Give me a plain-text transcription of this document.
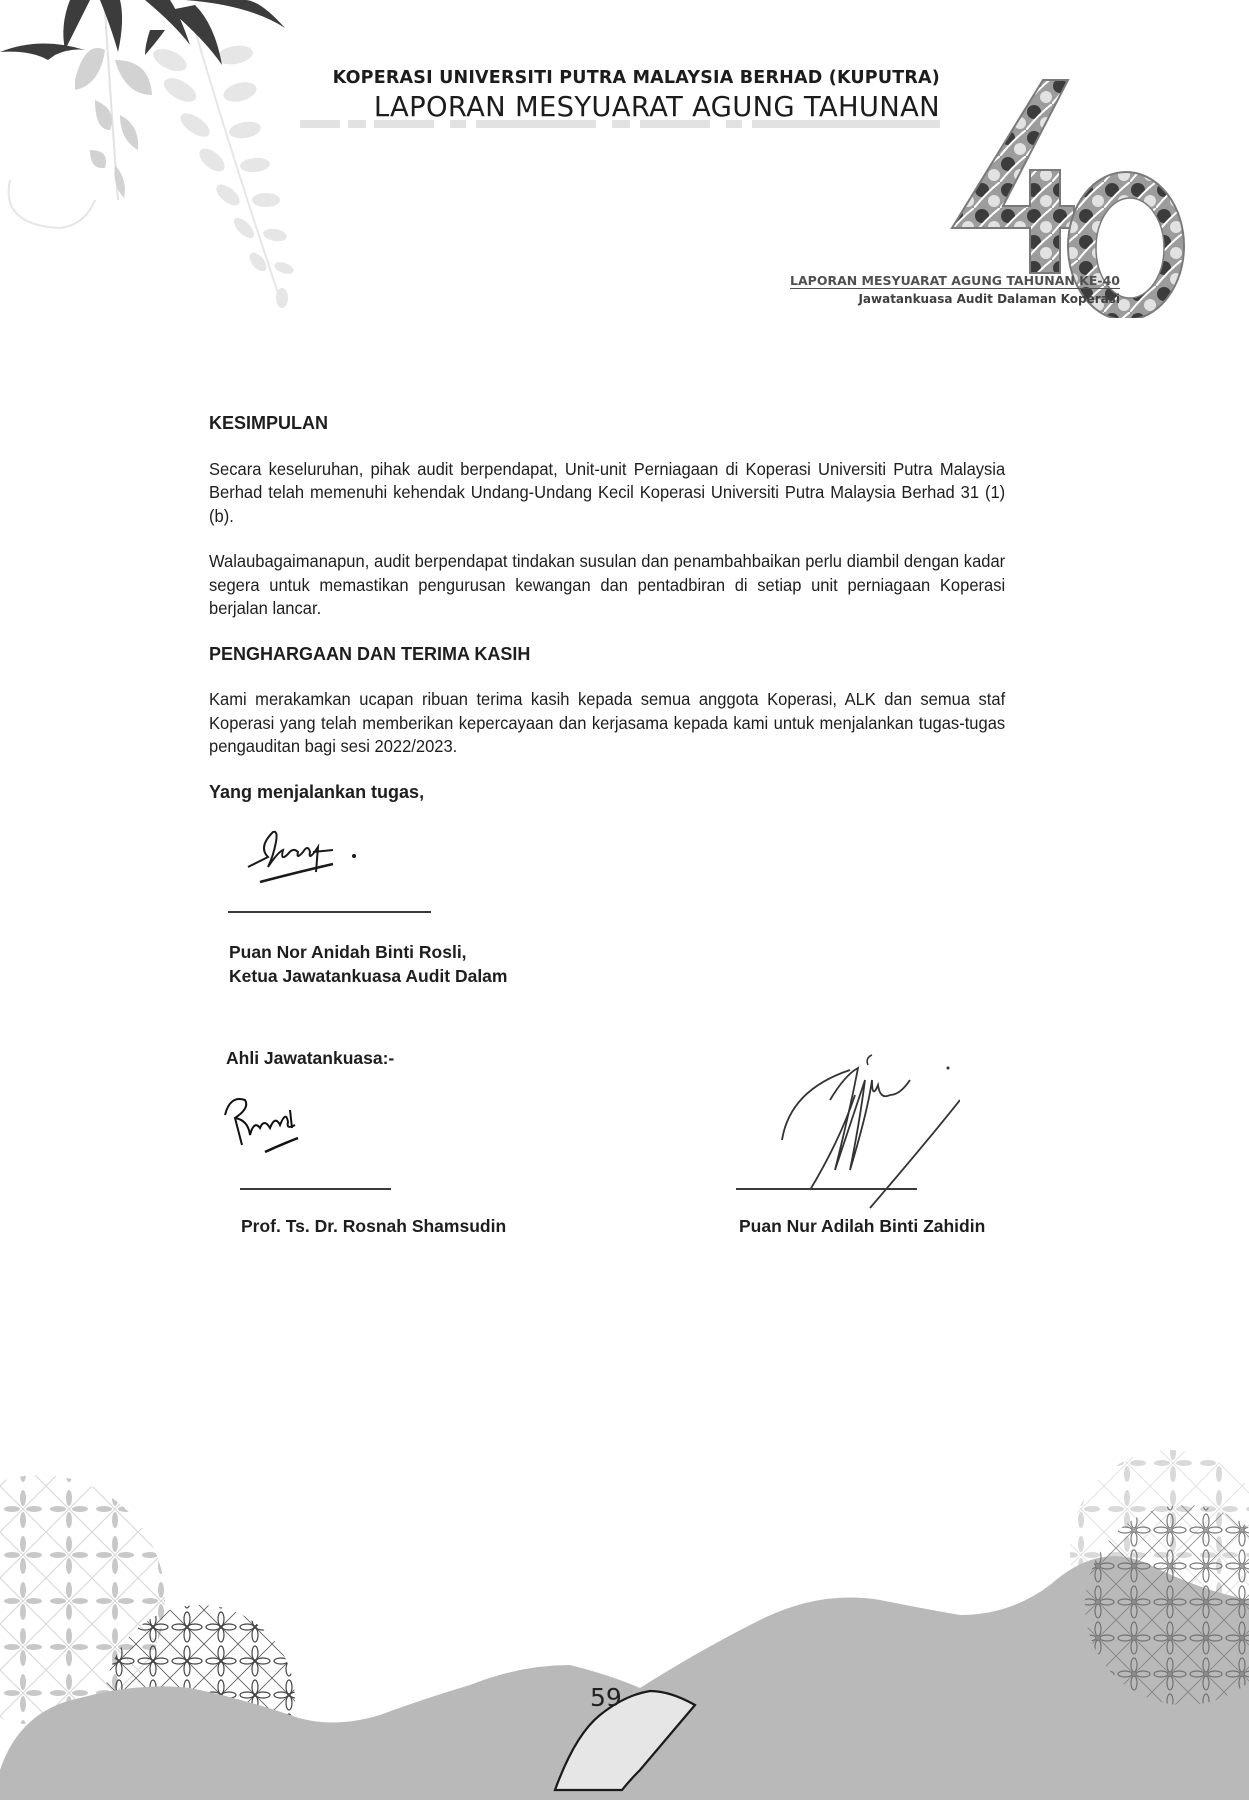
KOPERASI UNIVERSITI PUTRA MALAYSIA BERHAD (KUPUTRA)
LAPORAN MESYUARAT AGUNG TAHUNAN
LAPORAN MESYUARAT AGUNG TAHUNAN KE-40
Jawatankuasa Audit Dalaman Koperasi

KESIMPULAN

Secara keseluruhan, pihak audit berpendapat, Unit-unit Perniagaan di Koperasi Universiti Putra Malaysia Berhad telah memenuhi kehendak Undang-Undang Kecil Koperasi Universiti Putra Malaysia Berhad 31 (1) (b).

Walaubagaimanapun, audit berpendapat tindakan susulan dan penambahbaikan perlu diambil dengan kadar segera untuk memastikan pengurusan kewangan dan pentadbiran di setiap unit perniagaan Koperasi berjalan lancar.

PENGHARGAAN DAN TERIMA KASIH

Kami merakamkan ucapan ribuan terima kasih kepada semua anggota Koperasi, ALK dan semua staf Koperasi yang telah memberikan kepercayaan dan kerjasama kepada kami untuk menjalankan tugas-tugas pengauditan bagi sesi 2022/2023.

Yang menjalankan tugas,

Puan Nor Anidah Binti Rosli,
Ketua Jawatankuasa Audit Dalam
Ahli Jawatankuasa:-
Prof. Ts. Dr. Rosnah Shamsudin	Puan Nur Adilah Binti Zahidin
59
